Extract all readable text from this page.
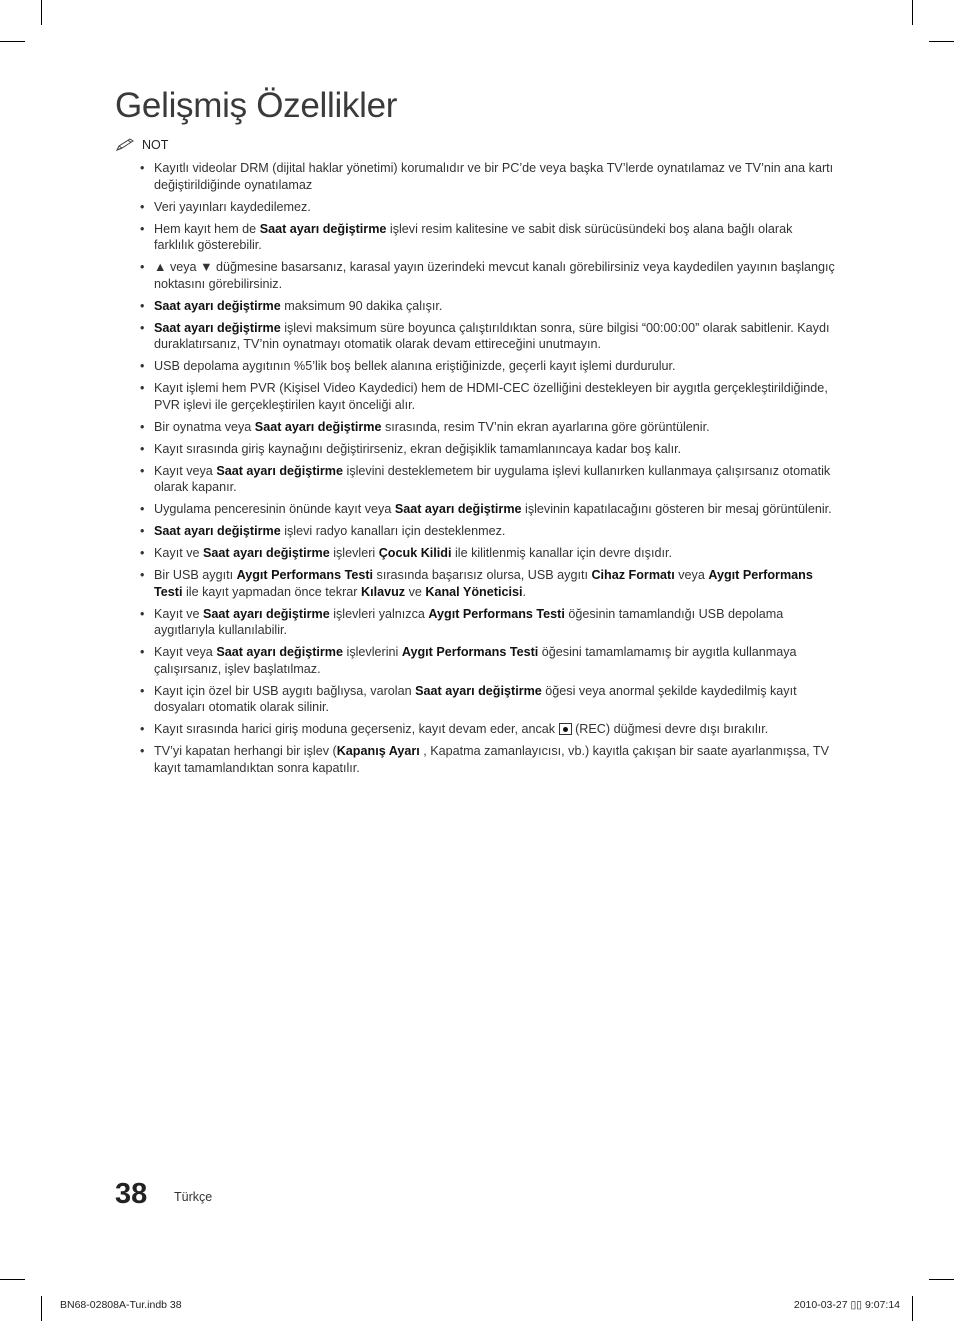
Gelişmiş Özellikler
NOT
• Kayıtlı videolar DRM (dijital haklar yönetimi) korumalıdır ve bir PC’de veya başka TV’lerde oynatılamaz ve TV’nin ana kartı değiştirildiğinde oynatılamaz
• Veri yayınları kaydedilemez.
• Hem kayıt hem de Saat ayarı değiştirme işlevi resim kalitesine ve sabit disk sürücüsündeki boş alana bağlı olarak farklılık gösterebilir.
• ▲ veya ▼ düğmesine basarsanız, karasal yayın üzerindeki mevcut kanalı görebilirsiniz veya kaydedilen yayının başlangıç noktasını görebilirsiniz.
• Saat ayarı değiştirme maksimum 90 dakika çalışır.
• Saat ayarı değiştirme işlevi maksimum süre boyunca çalıştırıldıktan sonra, süre bilgisi “00:00:00” olarak sabitlenir. Kaydı duraklatırsanız, TV’nin oynatmayı otomatik olarak devam ettireceğini unutmayın.
• USB depolama aygıtının %5’lik boş bellek alanına eriştiğinizde, geçerli kayıt işlemi durdurulur.
• Kayıt işlemi hem PVR (Kişisel Video Kaydedici) hem de HDMI-CEC özelliğini destekleyen bir aygıtla gerçekleştirildiğinde, PVR işlevi ile gerçekleştirilen kayıt önceliği alır.
• Bir oynatma veya Saat ayarı değiştirme sırasında, resim TV’nin ekran ayarlarına göre görüntülenir.
• Kayıt sırasında giriş kaynağını değiştirirseniz, ekran değişiklik tamamlanıncaya kadar boş kalır.
• Kayıt veya Saat ayarı değiştirme işlevini desteklemetem bir uygulama işlevi kullanırken kullanmaya çalışırsanız otomatik olarak kapanır.
• Uygulama penceresinin önünde kayıt veya Saat ayarı değiştirme işlevinin kapatılacağını gösteren bir mesaj görüntülenir.
• Saat ayarı değiştirme işlevi radyo kanalları için desteklenmez.
• Kayıt ve Saat ayarı değiştirme işlevleri Çocuk Kilidi ile kilitlenmiş kanallar için devre dışıdır.
• Bir USB aygıtı Aygıt Performans Testi sırasında başarısız olursa, USB aygıtı Cihaz Formatı veya Aygıt Performans Testi ile kayıt yapmadan önce tekrar Kılavuz ve Kanal Yöneticisi.
• Kayıt ve Saat ayarı değiştirme işlevleri yalnızca Aygıt Performans Testi öğesinin tamamlandığı USB depolama aygıtlarıyla kullanılabilir.
• Kayıt veya Saat ayarı değiştirme işlevlerini Aygıt Performans Testi öğesini tamamlamamış bir aygıtla kullanmaya çalışırsanız, işlev başlatılmaz.
• Kayıt için özel bir USB aygıtı bağlıysa, varolan Saat ayarı değiştirme öğesi veya anormal şekilde kaydedilmiş kayıt dosyaları otomatik olarak silinir.
• Kayıt sırasında harici giriş moduna geçerseniz, kayıt devam eder, ancak  (REC) düğmesi devre dışı bırakılır.
• TV’yi kapatan herhangi bir işlev (Kapanış Ayarı , Kapatma zamanlayıcısı, vb.) kayıtla çakışan bir saate ayarlanmışsa, TV kayıt tamamlandıktan sonra kapatılır.
38 Türkçe
BN68-02808A-Tur.indb 38	2010-03-27 ▯▯ 9:07:14
